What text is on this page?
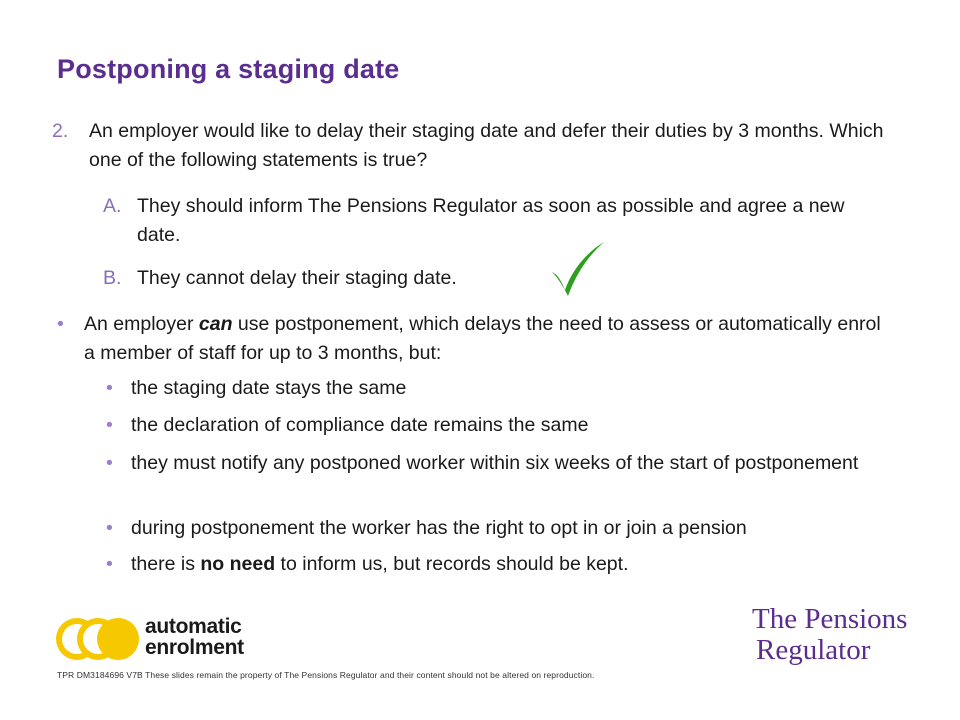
Postponing a staging date
2. An employer would like to delay their staging date and defer their duties by 3 months. Which one of the following statements is true?
A. They should inform The Pensions Regulator as soon as possible and agree a new date.
B. They cannot delay their staging date.
• An employer can use postponement, which delays the need to assess or automatically enrol a member of staff for up to 3 months, but:
• the staging date stays the same
• the declaration of compliance date remains the same
• they must notify any postponed worker within six weeks of the start of postponement
• during postponement the worker has the right to opt in or join a pension
• there is no need to inform us, but records should be kept.
automatic
enrolment
The Pensions
Regulator
TPR DM3184696 V7B These slides remain the property of The Pensions Regulator and their content should not be altered on reproduction.
